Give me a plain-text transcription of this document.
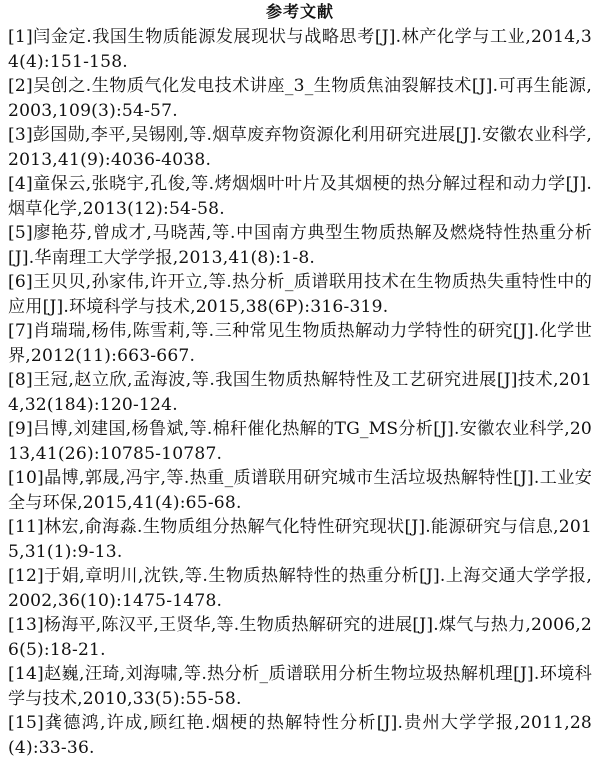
参考文献

[1]闫金定.我国生物质能源发展现状与战略思考[J].林产化学与工业,2014,34(4):151-158.

[2]吴创之.生物质气化发电技术讲座_3_生物质焦油裂解技术[J].可再生能源,2003,109(3):54-57.

[3]彭国勋,李平,吴锡刚,等.烟草废弃物资源化利用研究进展[J].安徽农业科学,2013,41(9):4036-4038.

[4]童保云,张晓宇,孔俊,等.烤烟烟叶叶片及其烟梗的热分解过程和动力学[J].烟草化学,2013(12):54-58.

[5]廖艳芬,曾成才,马晓茜,等.中国南方典型生物质热解及燃烧特性热重分析[J].华南理工大学学报,2013,41(8):1-8.

[6]王贝贝,孙家伟,许开立,等.热分析_质谱联用技术在生物质热失重特性中的应用[J].环境科学与技术,2015,38(6P):316-319.

[7]肖瑞瑞,杨伟,陈雪莉,等.三种常见生物质热解动力学特性的研究[J].化学世界,2012(11):663-667.

[8]王冠,赵立欣,孟海波,等.我国生物质热解特性及工艺研究进展[J]技术,2014,32(184):120-124.

[9]吕博,刘建国,杨鲁斌,等.棉秆催化热解的TG_MS分析[J].安徽农业科学,2013,41(26):10785-10787.

[10]晶博,郭晟,冯宇,等.热重_质谱联用研究城市生活垃圾热解特性[J].工业安全与环保,2015,41(4):65-68.

[11]林宏,俞海淼.生物质组分热解气化特性研究现状[J].能源研究与信息,2015,31(1):9-13.

[12]于娟,章明川,沈铁,等.生物质热解特性的热重分析[J].上海交通大学学报,2002,36(10):1475-1478.

[13]杨海平,陈汉平,王贤华,等.生物质热解研究的进展[J].煤气与热力,2006,26(5):18-21.

[14]赵巍,汪琦,刘海啸,等.热分析_质谱联用分析生物垃圾热解机理[J].环境科学与技术,2010,33(5):55-58.

[15]龚德鸿,许成,顾红艳.烟梗的热解特性分析[J].贵州大学学报,2011,28(4):33-36.
